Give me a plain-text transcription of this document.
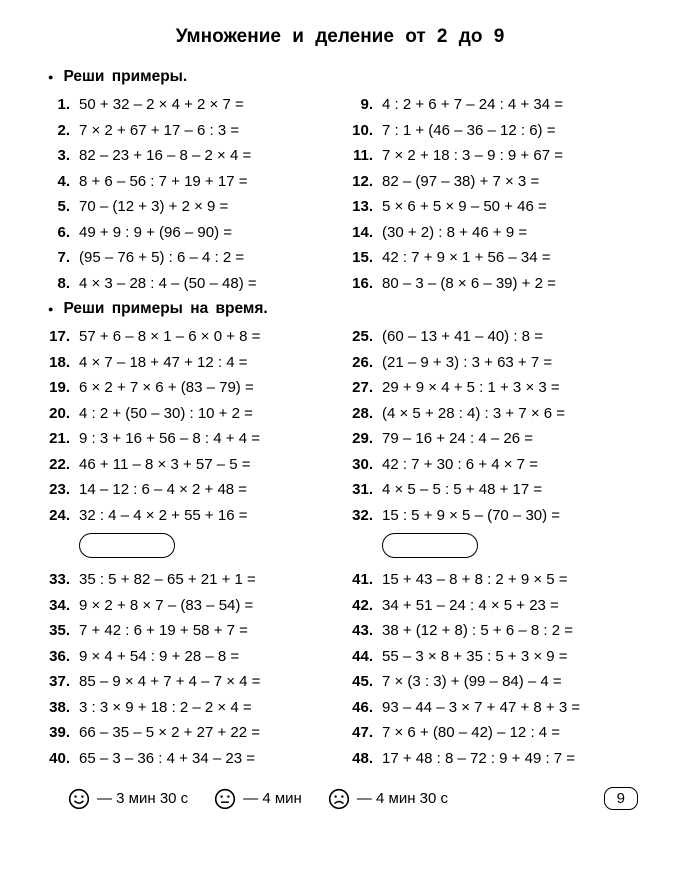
Умножение и деление от 2 до 9
● Реши примеры.
1. 50 + 32 – 2 × 4 + 2 × 7 =
2. 7 × 2 + 67 + 17 – 6 : 3 =
3. 82 – 23 + 16 – 8 – 2 × 4 =
4. 8 + 6 – 56 : 7 + 19 + 17 =
5. 70 – (12 + 3) + 2 × 9 =
6. 49 + 9 : 9 + (96 – 90) =
7. (95 – 76 + 5) : 6 – 4 : 2 =
8. 4 × 3 – 28 : 4 – (50 – 48) =
9. 4 : 2 + 6 + 7 – 24 : 4 + 34 =
10. 7 : 1 + (46 – 36 – 12 : 6) =
11. 7 × 2 + 18 : 3 – 9 : 9 + 67 =
12. 82 – (97 – 38) + 7 × 3 =
13. 5 × 6 + 5 × 9 – 50 + 46 =
14. (30 + 2) : 8 + 46 + 9 =
15. 42 : 7 + 9 × 1 + 56 – 34 =
16. 80 – 3 – (8 × 6 – 39) + 2 =
● Реши примеры на время.
17. 57 + 6 – 8 × 1 – 6 × 0 + 8 =
18. 4 × 7 – 18 + 47 + 12 : 4 =
19. 6 × 2 + 7 × 6 + (83 – 79) =
20. 4 : 2 + (50 – 30) : 10 + 2 =
21. 9 : 3 + 16 + 56 – 8 : 4 + 4 =
22. 46 + 11 – 8 × 3 + 57 – 5 =
23. 14 – 12 : 6 – 4 × 2 + 48 =
24. 32 : 4 – 4 × 2 + 55 + 16 =
25. (60 – 13 + 41 – 40) : 8 =
26. (21 – 9 + 3) : 3 + 63 + 7 =
27. 29 + 9 × 4 + 5 : 1 + 3 × 3 =
28. (4 × 5 + 28 : 4) : 3 + 7 × 6 =
29. 79 – 16 + 24 : 4 – 26 =
30. 42 : 7 + 30 : 6 + 4 × 7 =
31. 4 × 5 – 5 : 5 + 48 + 17 =
32. 15 : 5 + 9 × 5 – (70 – 30) =
33. 35 : 5 + 82 – 65 + 21 + 1 =
34. 9 × 2 + 8 × 7 – (83 – 54) =
35. 7 + 42 : 6 + 19 + 58 + 7 =
36. 9 × 4 + 54 : 9 + 28 – 8 =
37. 85 – 9 × 4 + 7 + 4 – 7 × 4 =
38. 3 : 3 × 9 + 18 : 2 – 2 × 4 =
39. 66 – 35 – 5 × 2 + 27 + 22 =
40. 65 – 3 – 36 : 4 + 34 – 23 =
41. 15 + 43 – 8 + 8 : 2 + 9 × 5 =
42. 34 + 51 – 24 : 4 × 5 + 23 =
43. 38 + (12 + 8) : 5 + 6 – 8 : 2 =
44. 55 – 3 × 8 + 35 : 5 + 3 × 9 =
45. 7 × (3 : 3) + (99 – 84) – 4 =
46. 93 – 44 – 3 × 7 + 47 + 8 + 3 =
47. 7 × 6 + (80 – 42) – 12 : 4 =
48. 17 + 48 : 8 – 72 : 9 + 49 : 7 =
— 3 мин 30 с	— 4 мин	— 4 мин 30 с	9
